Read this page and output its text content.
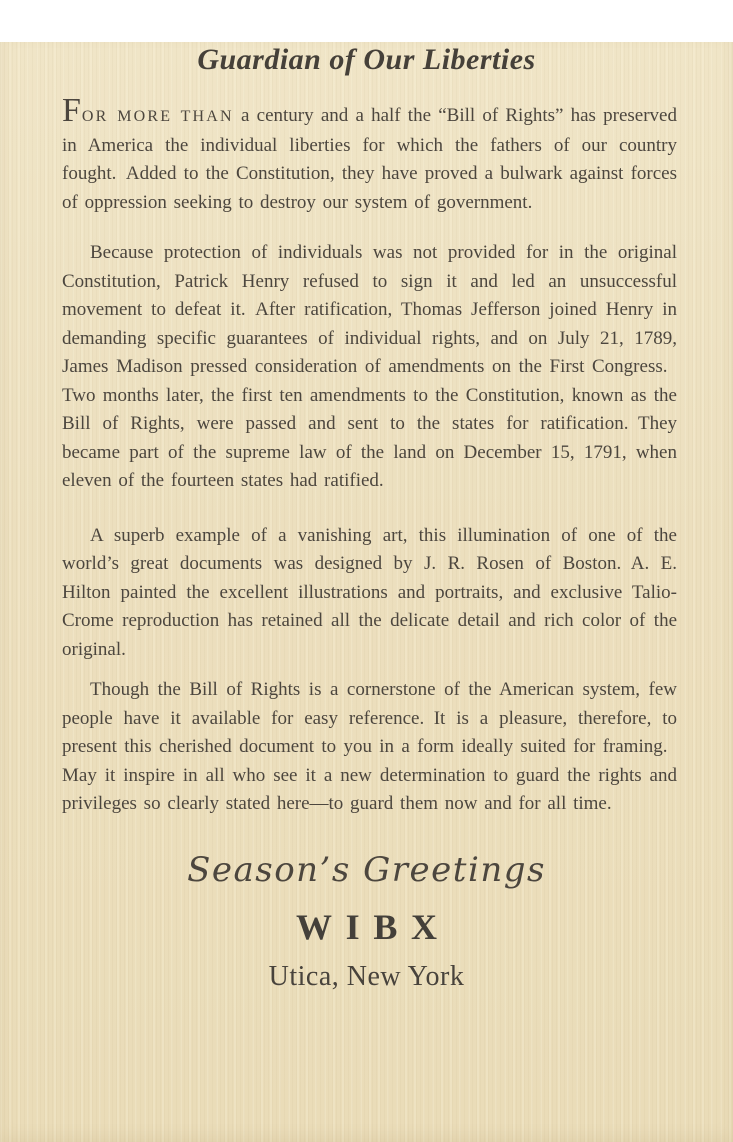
Guardian of Our Liberties

FOR MORE THAN a century and a half the “Bill of Rights” has preserved in America the individual liberties for which the fathers of our country fought. Added to the Constitution, they have proved a bulwark against forces of oppression seeking to destroy our system of government.

Because protection of individuals was not provided for in the original Constitution, Patrick Henry refused to sign it and led an unsuccessful movement to defeat it. After ratification, Thomas Jefferson joined Henry in demanding specific guarantees of individual rights, and on July 21, 1789, James Madison pressed consideration of amendments on the First Congress. Two months later, the first ten amendments to the Constitution, known as the Bill of Rights, were passed and sent to the states for ratification. They became part of the supreme law of the land on December 15, 1791, when eleven of the fourteen states had ratified.

A superb example of a vanishing art, this illumination of one of the world’s great documents was designed by J. R. Rosen of Boston. A. E. Hilton painted the excellent illustrations and portraits, and exclusive Talio-Crome reproduction has retained all the delicate detail and rich color of the original.

Though the Bill of Rights is a cornerstone of the American system, few people have it available for easy reference. It is a pleasure, therefore, to present this cherished document to you in a form ideally suited for framing. May it inspire in all who see it a new determination to guard the rights and privileges so clearly stated here—to guard them now and for all time.

Season’s Greetings
WIBX
Utica, New York
